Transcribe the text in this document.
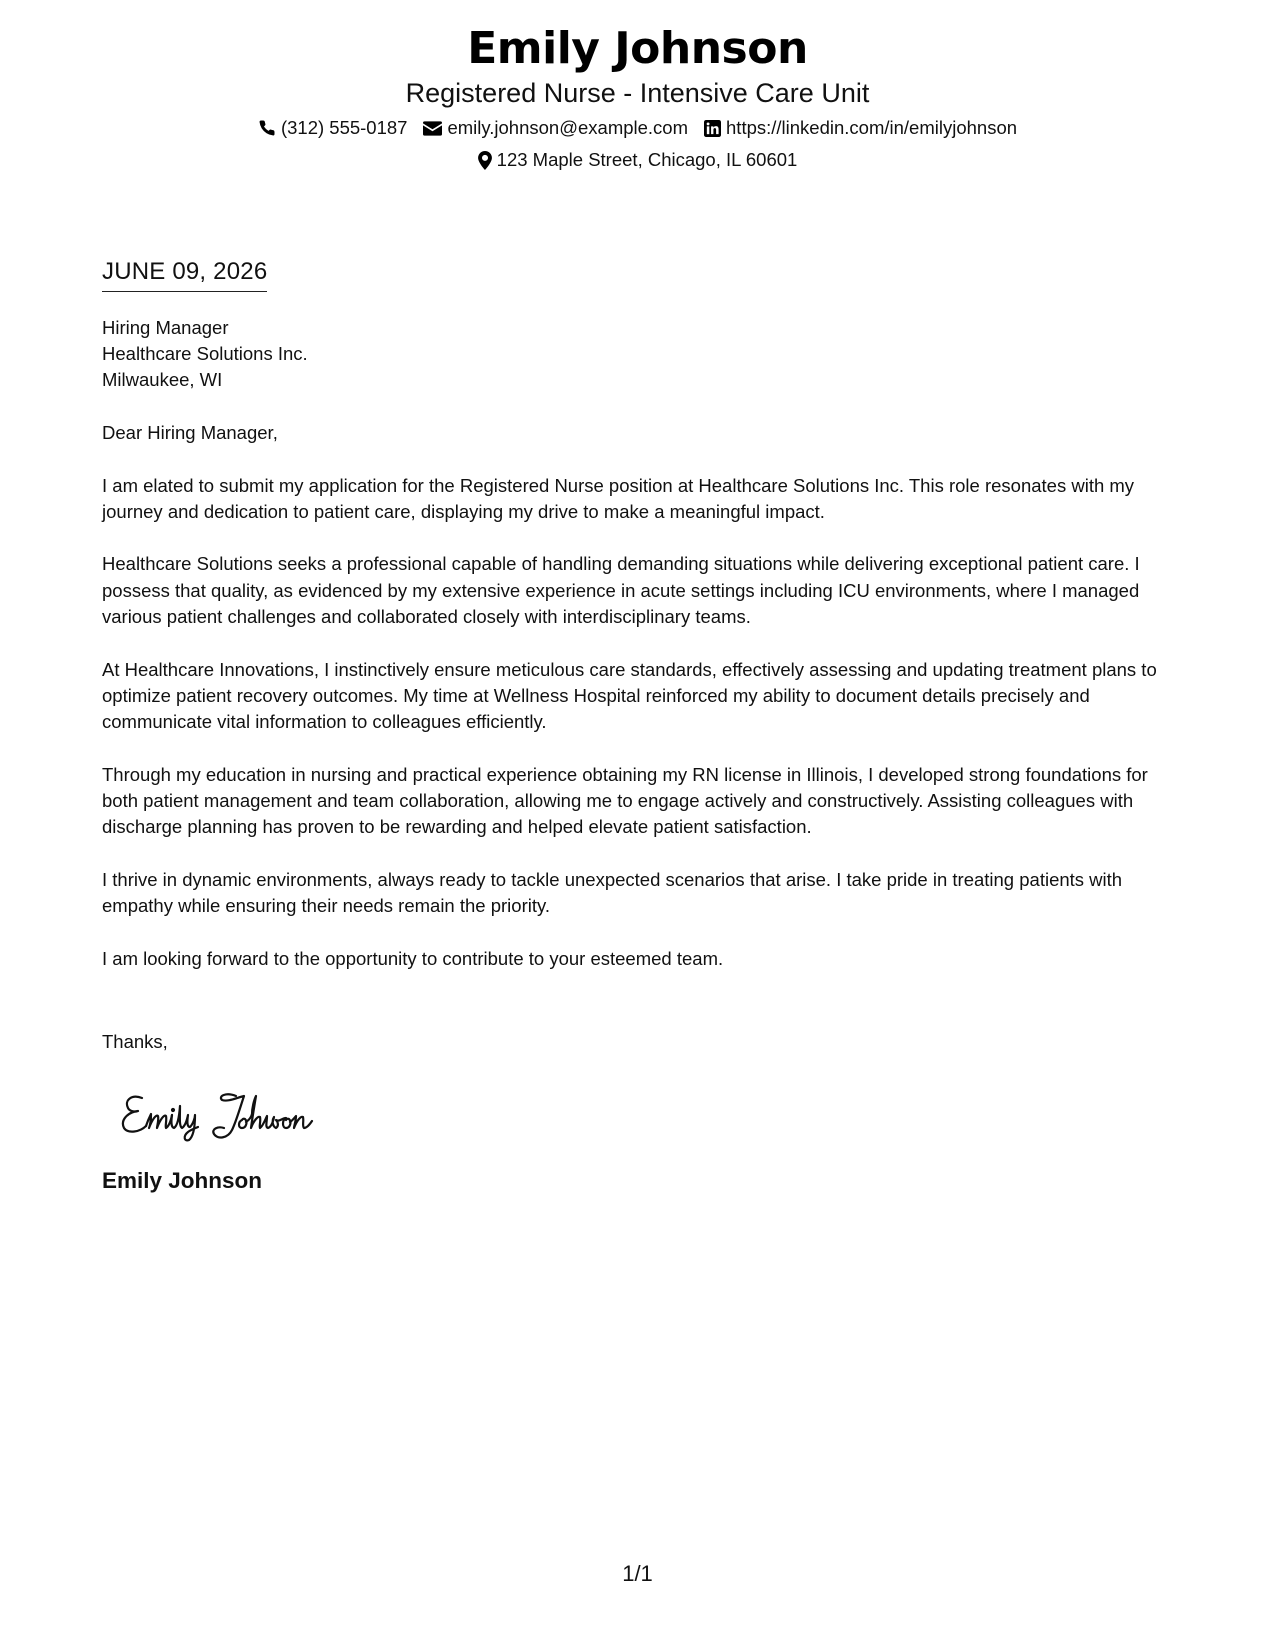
Emily Johnson
Registered Nurse - Intensive Care Unit
(312) 555-0187 emily.johnson@example.com https://linkedin.com/in/emilyjohnson
123 Maple Street, Chicago, IL 60601
JUNE 09, 2026
Hiring Manager
Healthcare Solutions Inc.
Milwaukee, WI

Dear Hiring Manager,

I am elated to submit my application for the Registered Nurse position at Healthcare Solutions Inc. This role resonates with my journey and dedication to patient care, displaying my drive to make a meaningful impact.

Healthcare Solutions seeks a professional capable of handling demanding situations while delivering exceptional patient care. I possess that quality, as evidenced by my extensive experience in acute settings including ICU environments, where I managed various patient challenges and collaborated closely with interdisciplinary teams.

At Healthcare Innovations, I instinctively ensure meticulous care standards, effectively assessing and updating treatment plans to optimize patient recovery outcomes. My time at Wellness Hospital reinforced my ability to document details precisely and communicate vital information to colleagues efficiently.

Through my education in nursing and practical experience obtaining my RN license in Illinois, I developed strong foundations for both patient management and team collaboration, allowing me to engage actively and constructively. Assisting colleagues with discharge planning has proven to be rewarding and helped elevate patient satisfaction.

I thrive in dynamic environments, always ready to tackle unexpected scenarios that arise. I take pride in treating patients with empathy while ensuring their needs remain the priority.

I am looking forward to the opportunity to contribute to your esteemed team.

Thanks,
Emily Johnson
1/1
